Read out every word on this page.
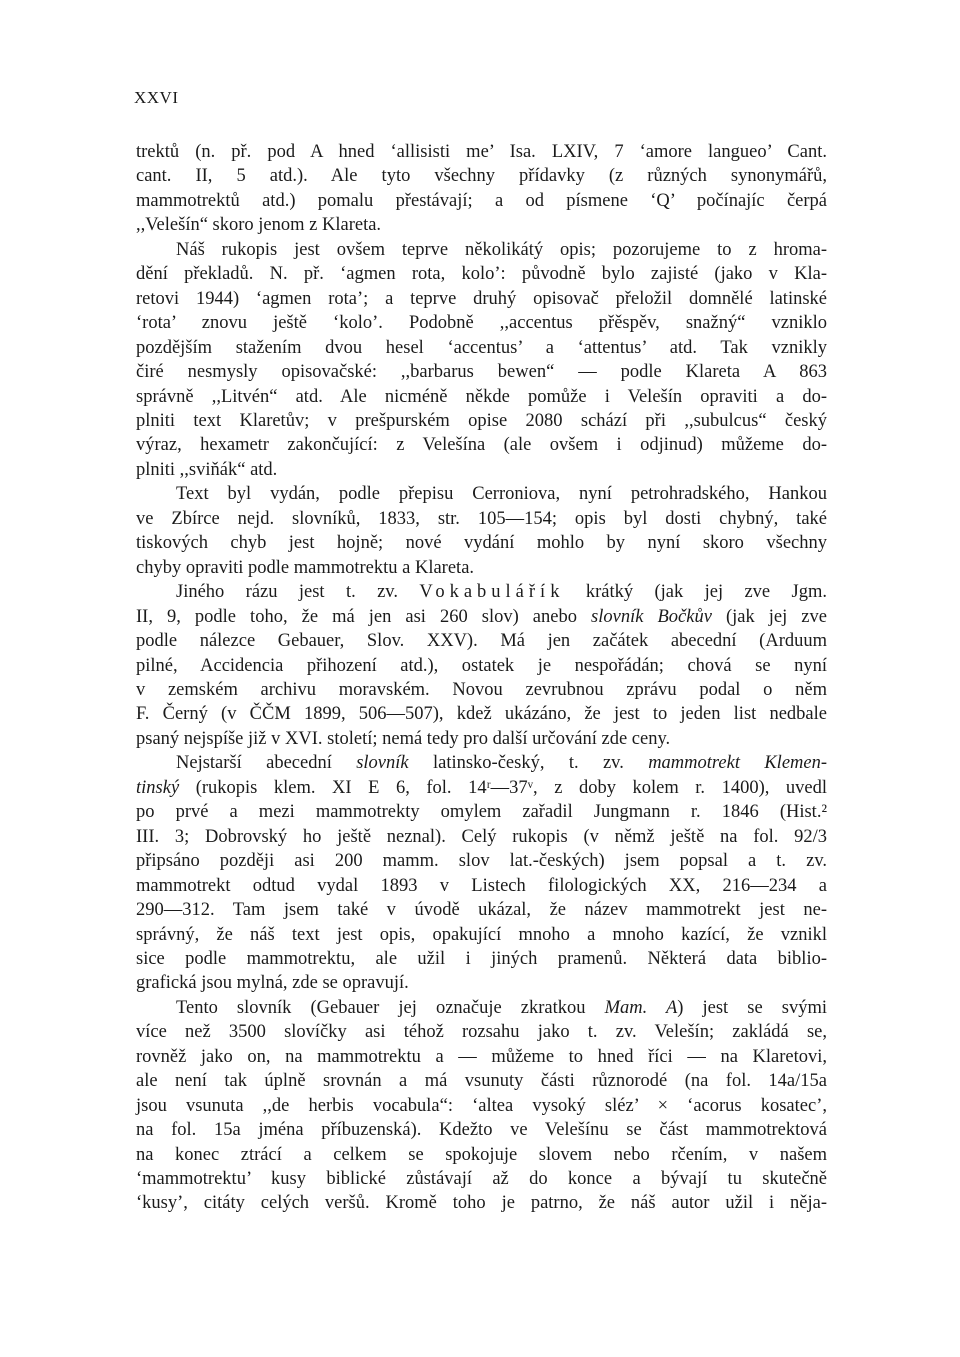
XXVI
trektů (n. př. pod A hned ‘allisisti me’ Isa. LXIV, 7 ‘amore langueo’ Cant.
cant. II, 5 atd.). Ale tyto všechny přídavky (z různých synonymářů,
mammotrektů atd.) pomalu přestávají; a od písmene ‘Q’ počínajíc čerpá
,,Velešín“ skoro jenom z Klareta.
Náš rukopis jest ovšem teprve několikátý opis; pozorujeme to z hroma-
dění překladů. N. př. ‘agmen rota, kolo’: původně bylo zajisté (jako v Kla-
retovi 1944) ‘agmen rota’; a teprve druhý opisovač přeložil domnělé latinské
‘rota’ znovu ještě ‘kolo’. Podobně ,,accentus přěspěv, snažný“ vzniklo
pozdějším stažením dvou hesel ‘accentus’ a ‘attentus’ atd. Tak vznikly
čiré nesmysly opisovačské: ,,barbarus bewen“ — podle Klareta A 863
správně ,,Litvén“ atd. Ale nicméně někde pomůže i Velešín opraviti a do-
plniti text Klaretův; v prešpurském opise 2080 schází při ,,subulcus“ český
výraz, hexametr zakončující: z Velešína (ale ovšem i odjinud) můžeme do-
plniti ,,sviňák“ atd.
Text byl vydán, podle přepisu Cerroniova, nyní petrohradského, Hankou
ve Zbírce nejd. slovníků, 1833, str. 105—154; opis byl dosti chybný, také
tiskových chyb jest hojně; nové vydání mohlo by nyní skoro všechny
chyby opraviti podle mammotrektu a Klareta.
Jiného rázu jest t. zv. Vokabulářík krátký (jak jej zve Jgm.
II, 9, podle toho, že má jen asi 260 slov) anebo slovník Bočkův (jak jej zve
podle nálezce Gebauer, Slov. XXV). Má jen začátek abecední (Arduum
pilné, Accidencia přihození atd.), ostatek je nespořádán; chová se nyní
v zemském archivu moravském. Novou zevrubnou zprávu podal o něm
F. Černý (v ČČM 1899, 506—507), kdež ukázáno, že jest to jeden list nedbale
psaný nejspíše již v XVI. století; nemá tedy pro další určování zde ceny.
Nejstarší abecední slovník latinsko-český, t. zv. mammotrekt Klemen-
tinský (rukopis klem. XI E 6, fol. 14ʳ—37ᵛ, z doby kolem r. 1400), uvedl
po prvé a mezi mammotrekty omylem zařadil Jungmann r. 1846 (Hist.²
III. 3; Dobrovský ho ještě neznal). Celý rukopis (v němž ještě na fol. 92/3
připsáno později asi 200 mamm. slov lat.-českých) jsem popsal a t. zv.
mammotrekt odtud vydal 1893 v Listech filologických XX, 216—234 a
290—312. Tam jsem také v úvodě ukázal, že název mammotrekt jest ne-
správný, že náš text jest opis, opakující mnoho a mnoho kazící, že vznikl
sice podle mammotrektu, ale užil i jiných pramenů. Některá data biblio-
grafická jsou mylná, zde se opravují.
Tento slovník (Gebauer jej označuje zkratkou Mam. A) jest se svými
více než 3500 slovíčky asi téhož rozsahu jako t. zv. Velešín; zakládá se,
rovněž jako on, na mammotrektu a — můžeme to hned říci — na Klaretovi,
ale není tak úplně srovnán a má vsunuty části různorodé (na fol. 14a/15a
jsou vsunuta ,,de herbis vocabula“: ‘altea vysoký sléz’ × ‘acorus kosatec’,
na fol. 15a jména příbuzenská). Kdežto ve Velešínu se část mammotrektová
na konec ztrácí a celkem se spokojuje slovem nebo rčením, v našem
‘mammotrektu’ kusy biblické zůstávají až do konce a bývají tu skutečně
‘kusy’, citáty celých veršů. Kromě toho je patrno, že náš autor užil i něja-
